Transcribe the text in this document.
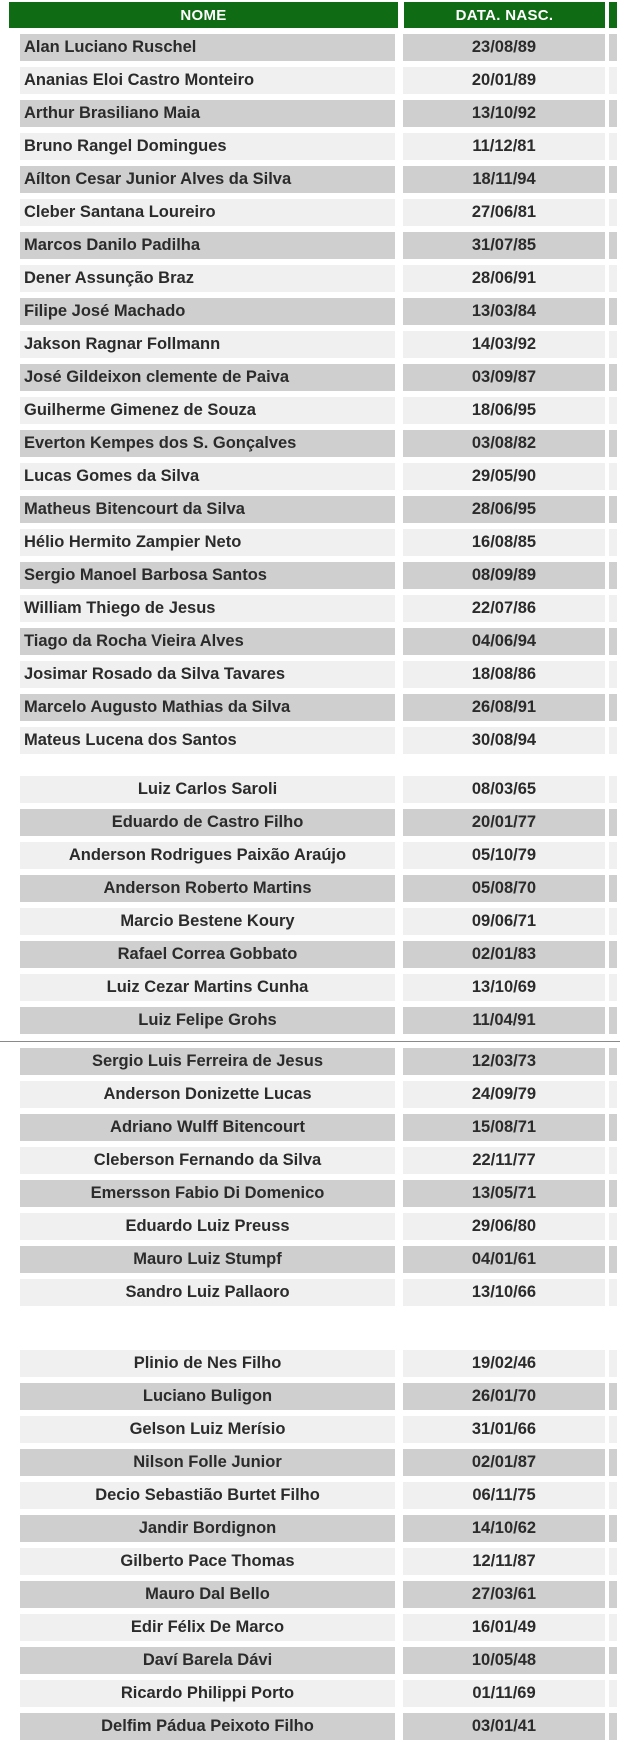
NOME	DATA. NASC.
Alan Luciano Ruschel	23/08/89
Ananias Eloi Castro Monteiro	20/01/89
Arthur Brasiliano Maia	13/10/92
Bruno Rangel Domingues	11/12/81
Aílton Cesar Junior Alves da Silva	18/11/94
Cleber Santana Loureiro	27/06/81
Marcos Danilo Padilha	31/07/85
Dener Assunção Braz	28/06/91
Filipe José Machado	13/03/84
Jakson Ragnar Follmann	14/03/92
José Gildeixon clemente de Paiva	03/09/87
Guilherme Gimenez de Souza	18/06/95
Everton Kempes dos S. Gonçalves	03/08/82
Lucas Gomes da Silva	29/05/90
Matheus Bitencourt da Silva	28/06/95
Hélio Hermito Zampier Neto	16/08/85
Sergio Manoel Barbosa Santos	08/09/89
William Thiego de Jesus	22/07/86
Tiago da Rocha Vieira Alves	04/06/94
Josimar Rosado da Silva Tavares	18/08/86
Marcelo Augusto Mathias da Silva	26/08/91
Mateus Lucena dos Santos	30/08/94
Luiz Carlos Saroli	08/03/65
Eduardo de Castro Filho	20/01/77
Anderson Rodrigues Paixão Araújo	05/10/79
Anderson Roberto Martins	05/08/70
Marcio Bestene Koury	09/06/71
Rafael Correa Gobbato	02/01/83
Luiz Cezar Martins Cunha	13/10/69
Luiz Felipe Grohs	11/04/91
Sergio Luis Ferreira de Jesus	12/03/73
Anderson Donizette Lucas	24/09/79
Adriano Wulff Bitencourt	15/08/71
Cleberson Fernando da Silva	22/11/77
Emersson Fabio Di Domenico	13/05/71
Eduardo Luiz Preuss	29/06/80
Mauro Luiz Stumpf	04/01/61
Sandro Luiz Pallaoro	13/10/66
Plinio de Nes Filho	19/02/46
Luciano Buligon	26/01/70
Gelson Luiz Merísio	31/01/66
Nilson Folle Junior	02/01/87
Decio Sebastião Burtet Filho	06/11/75
Jandir Bordignon	14/10/62
Gilberto Pace Thomas	12/11/87
Mauro Dal Bello	27/03/61
Edir Félix De Marco	16/01/49
Daví Barela Dávi	10/05/48
Ricardo Philippi Porto	01/11/69
Delfim Pádua Peixoto Filho	03/01/41
